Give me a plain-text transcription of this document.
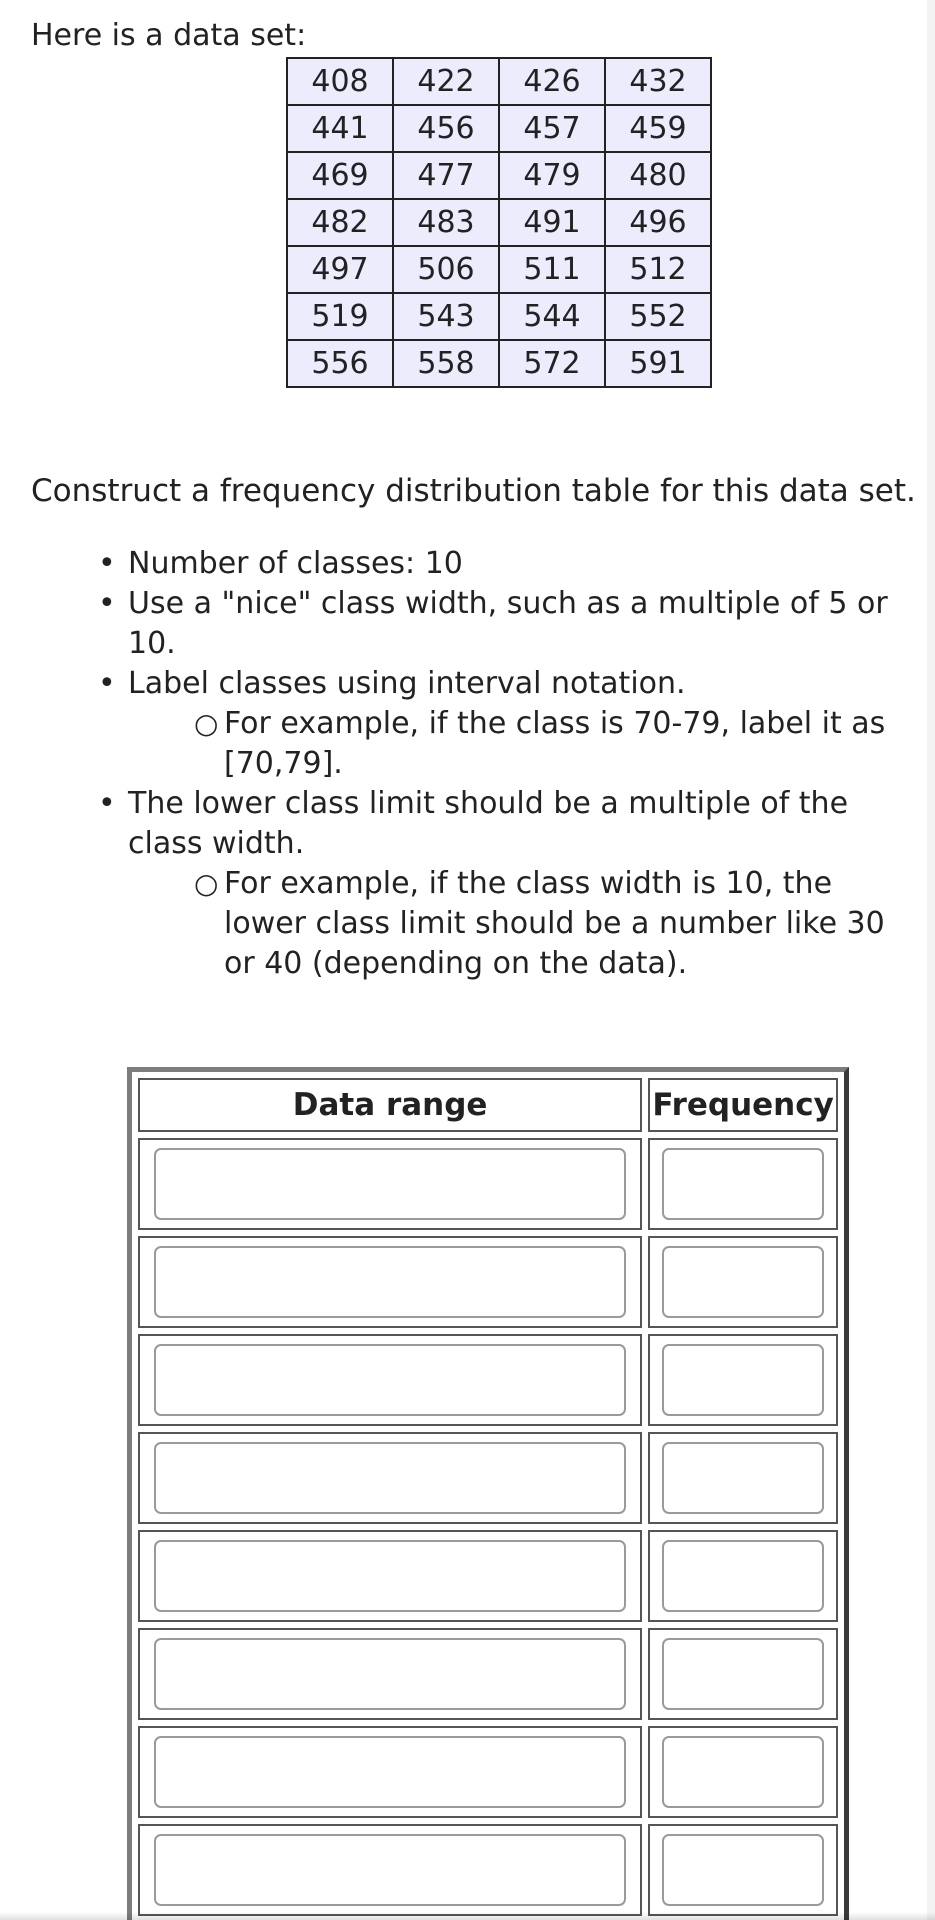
Here is a data set:

408	422	426	432
441	456	457	459
469	477	479	480
482	483	491	496
497	506	511	512
519	543	544	552
556	558	572	591

Construct a frequency distribution table for this data set.

• Number of classes: 10
• Use a "nice" class width, such as a multiple of 5 or 10.
• Label classes using interval notation.
○ For example, if the class is 70-79, label it as [70,79].
• The lower class limit should be a multiple of the class width.
○ For example, if the class width is 10, the lower class limit should be a number like 30 or 40 (depending on the data).
Data range	Frequency
